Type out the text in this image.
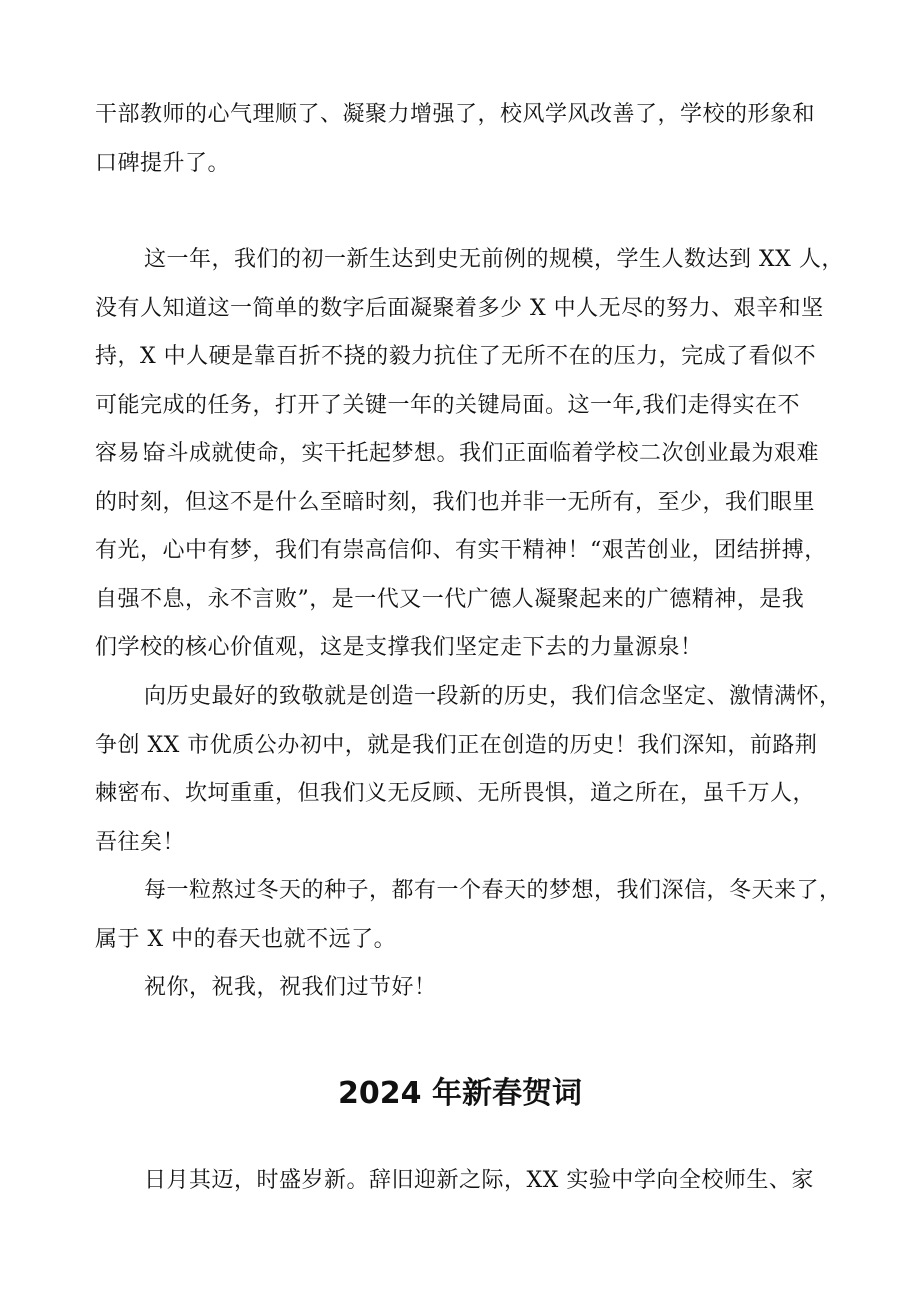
干部教师的心气理顺了、凝聚力增强了，校风学风改善了，学校的形象和
口碑提升了。
这一年，我们的初一新生达到史无前例的规模，学生人数达到 XX 人，
没有人知道这一简单的数字后面凝聚着多少 X 中人无尽的努力、艰辛和坚
持，X 中人硬是靠百折不挠的毅力抗住了无所不在的压力，完成了看似不
可能完成的任务，打开了关键一年的关键局面。这一年,我们走得实在不
容易！
奋斗成就使命，实干托起梦想。我们正面临着学校二次创业最为艰难
的时刻，但这不是什么至暗时刻，我们也并非一无所有，至少，我们眼里
有光，心中有梦，我们有崇高信仰、有实干精神！“艰苦创业，团结拼搏，
自强不息，永不言败”，是一代又一代广德人凝聚起来的广德精神，是我
们学校的核心价值观，这是支撑我们坚定走下去的力量源泉！
向历史最好的致敬就是创造一段新的历史，我们信念坚定、激情满怀，
争创 XX 市优质公办初中，就是我们正在创造的历史！我们深知，前路荆
棘密布、坎坷重重，但我们义无反顾、无所畏惧，道之所在，虽千万人，
吾往矣！
每一粒熬过冬天的种子，都有一个春天的梦想，我们深信，冬天来了，
属于 X 中的春天也就不远了。
祝你，祝我，祝我们过节好！
2024 年新春贺词
日月其迈，时盛岁新。辞旧迎新之际，XX 实验中学向全校师生、家
